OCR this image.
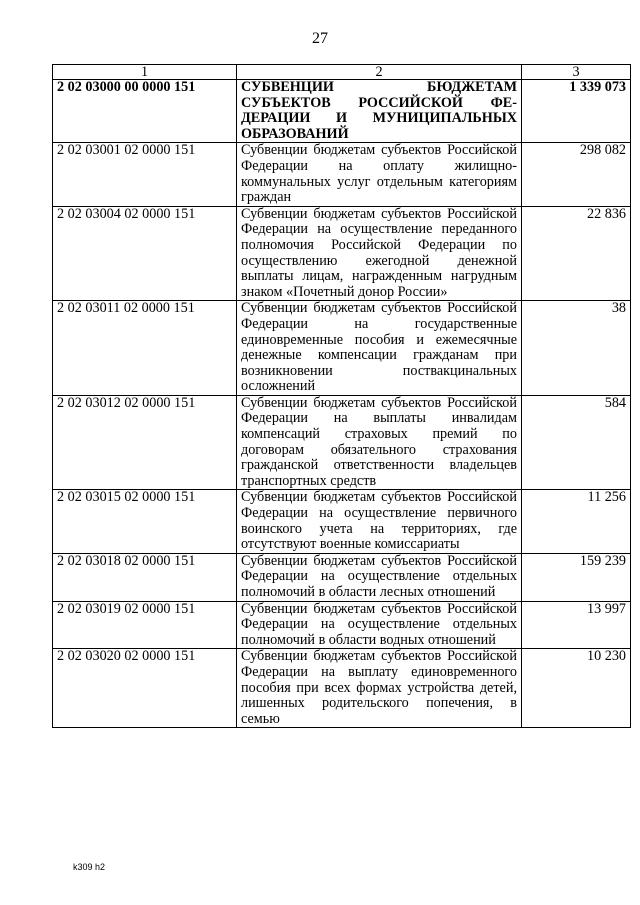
27
1	2	3
2 02 03000 00 0000 151	СУБВЕНЦИИ БЮДЖЕТАМ СУБЪЕКТОВ РОССИЙСКОЙ ФЕДЕРАЦИИ И МУНИЦИПАЛЬНЫХ ОБРАЗОВАНИЙ	1 339 073
2 02 03001 02 0000 151	Субвенции бюджетам субъектов Российской Федерации на оплату жилищно-коммунальных услуг отдельным категориям граждан	298 082
2 02 03004 02 0000 151	Субвенции бюджетам субъектов Российской Федерации на осуществление переданного полномочия Российской Федерации по осуществлению ежегодной денежной выплаты лицам, награжденным нагрудным знаком «Почетный донор России»	22 836
2 02 03011 02 0000 151	Субвенции бюджетам субъектов Российской Федерации на государственные единовременные пособия и ежемесячные денежные компенсации гражданам при возникновении поствакцинальных осложнений	38
2 02 03012 02 0000 151	Субвенции бюджетам субъектов Российской Федерации на выплаты инвалидам компенсаций страховых премий по договорам обязательного страхования гражданской ответственности владельцев транспортных средств	584
2 02 03015 02 0000 151	Субвенции бюджетам субъектов Российской Федерации на осуществление первичного воинского учета на территориях, где отсутствуют военные комиссариаты	11 256
2 02 03018 02 0000 151	Субвенции бюджетам субъектов Российской Федерации на осуществление отдельных полномочий в области лесных отношений	159 239
2 02 03019 02 0000 151	Субвенции бюджетам субъектов Российской Федерации на осуществление отдельных полномочий в области водных отношений	13 997
2 02 03020 02 0000 151	Субвенции бюджетам субъектов Российской Федерации на выплату единовременного пособия при всех формах устройства детей, лишенных родительского попечения, в семью	10 230
k309 h2
